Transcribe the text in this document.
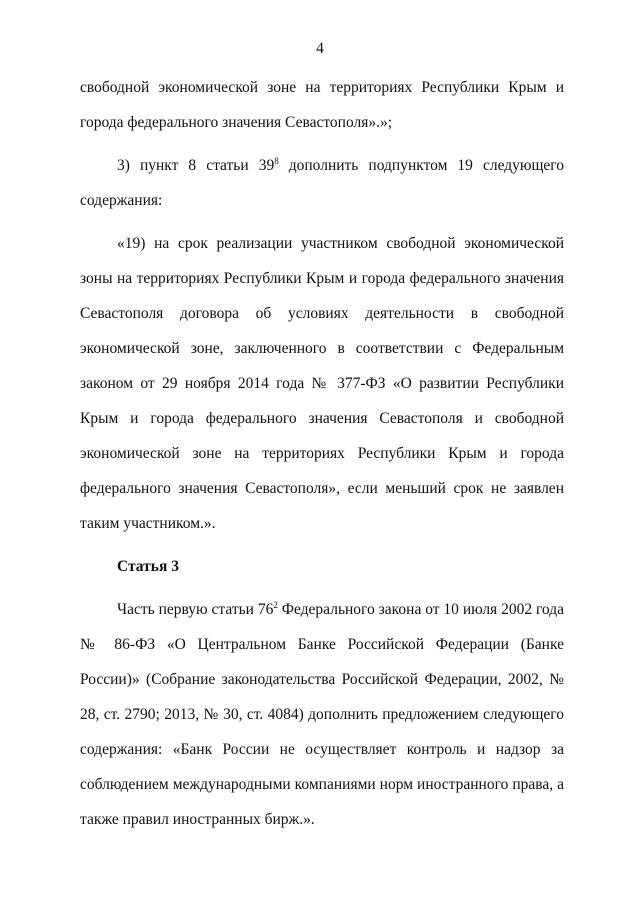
4

свободной экономической зоне на территориях Республики Крым и города федерального значения Севастополя».»;

3) пункт 8 статьи $39^8$ дополнить подпунктом 19 следующего содержания:

«19) на срок реализации участником свободной экономической зоны на территориях Республики Крым и города федерального значения Севастополя договора об условиях деятельности в свободной экономической зоне, заключенного в соответствии с Федеральным законом от 29 ноября 2014 года № 377-ФЗ «О развитии Республики Крым и города федерального значения Севастополя и свободной экономической зоне на территориях Республики Крым и города федерального значения Севастополя», если меньший срок не заявлен таким участником.».

Статья 3

Часть первую статьи $76^2$ Федерального закона от 10 июля 2002 года № 86-ФЗ «О Центральном Банке Российской Федерации (Банке России)» (Собрание законодательства Российской Федерации, 2002, № 28, ст. 2790; 2013, № 30, ст. 4084) дополнить предложением следующего содержания: «Банк России не осуществляет контроль и надзор за соблюдением международными компаниями норм иностранного права, а также правил иностранных бирж.».
